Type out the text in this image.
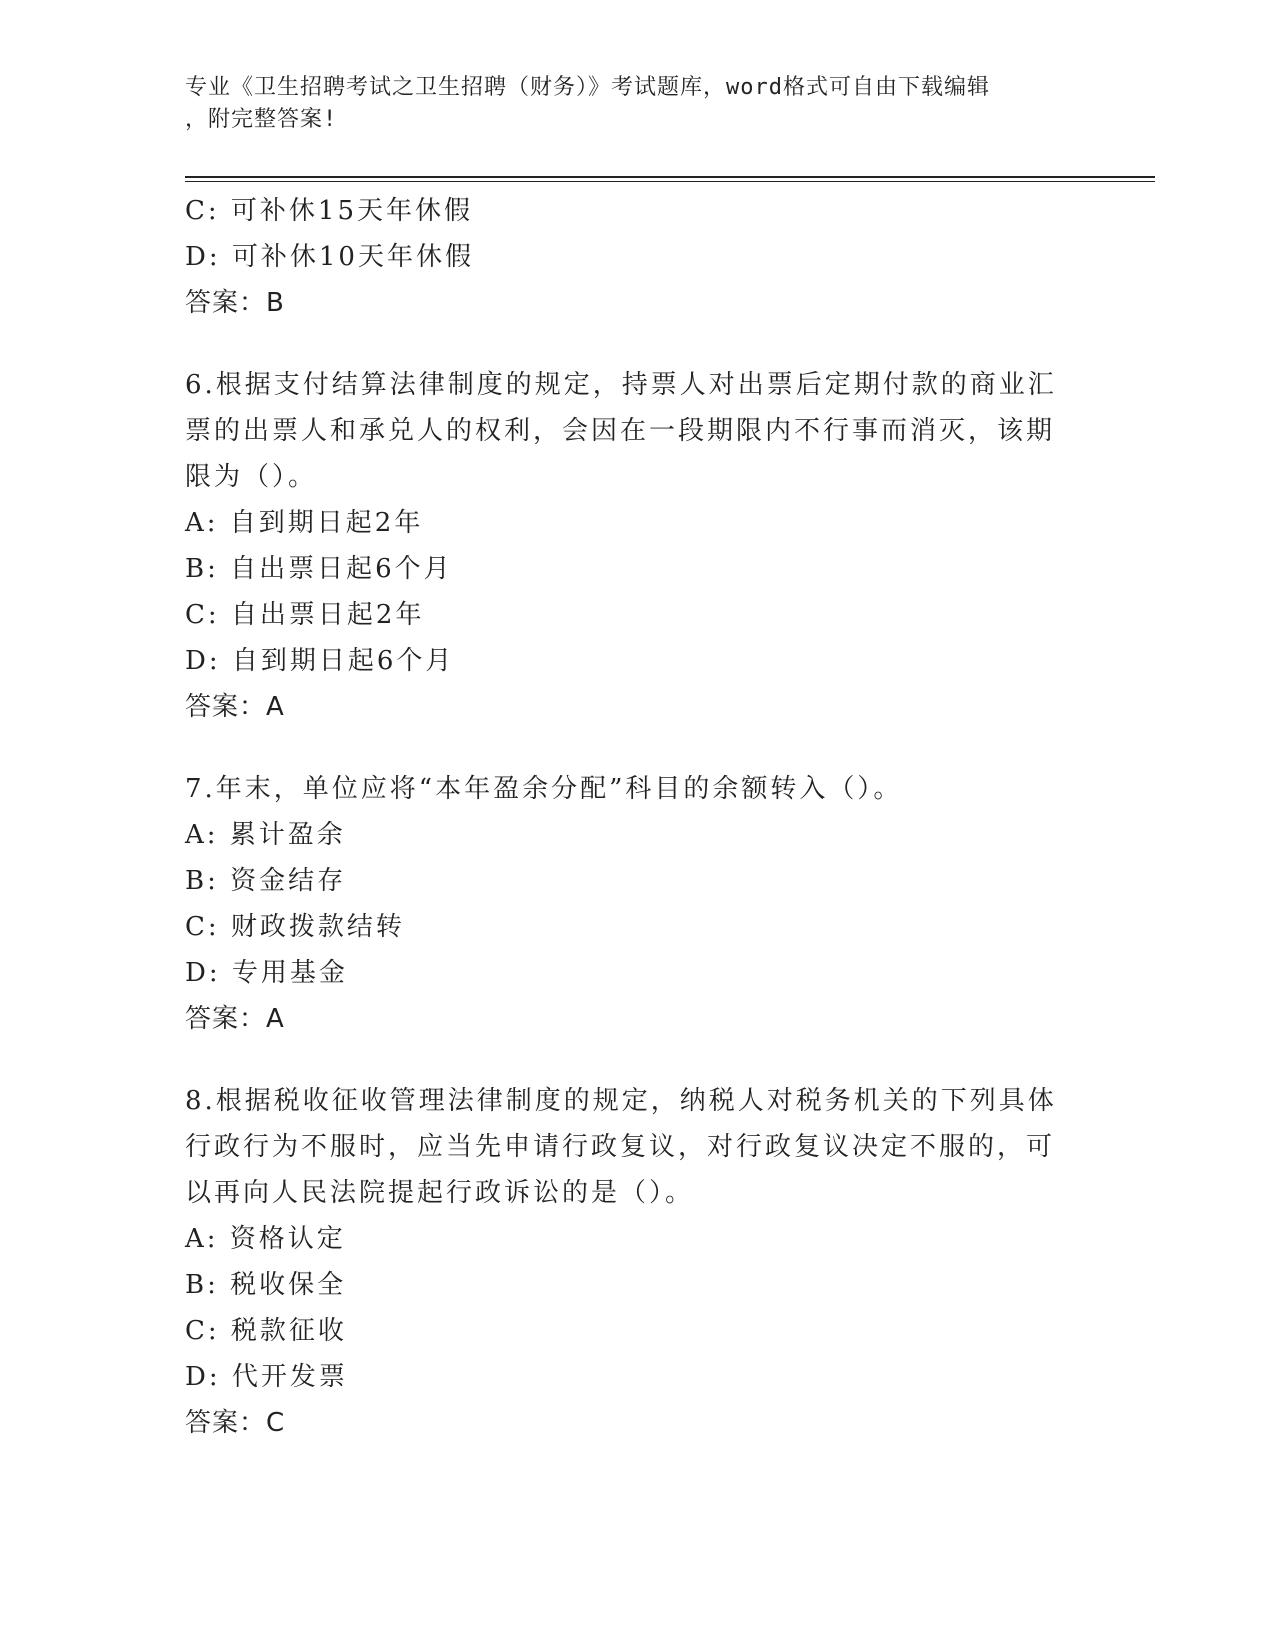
专业《卫生招聘考试之卫生招聘（财务）》考试题库，word格式可自由下载编辑
，附完整答案!
C: 可补休15天年休假
D: 可补休10天年休假
答案：B
6.根据支付结算法律制度的规定，持票人对出票后定期付款的商业汇
票的出票人和承兑人的权利，会因在一段期限内不行事而消灭，该期
限为（）。
A: 自到期日起2年
B: 自出票日起6个月
C: 自出票日起2年
D: 自到期日起6个月
答案：A
7.年末，单位应将“本年盈余分配”科目的余额转入（）。
A: 累计盈余
B: 资金结存
C: 财政拨款结转
D: 专用基金
答案：A
8.根据税收征收管理法律制度的规定，纳税人对税务机关的下列具体
行政行为不服时，应当先申请行政复议，对行政复议决定不服的，可
以再向人民法院提起行政诉讼的是（）。
A: 资格认定
B: 税收保全
C: 税款征收
D: 代开发票
答案：C
